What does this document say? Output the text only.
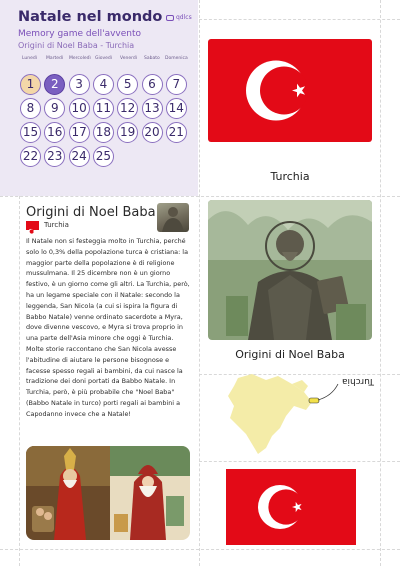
Natale nel mondo	qdlcs
Memory game dell'avvento
Origini di Noel Baba - Turchia
Lunedì Martedì Mercoledì Giovedì Venerdì Sabato Domenica
1	2	3	4	5	6	7
8	9	10 11 12 13 14
15 16 17 18 19 20 21
22 23 24 25
Origini di Noel Baba
Turchia
Il Natale non si festeggia molto in Turchia, perché solo lo 0,3% della popolazione turca è cristiana: la maggior parte della popolazione è di religione mussulmana. Il 25 dicembre non è un giorno festivo, è un giorno come gli altri. La Turchia, però, ha un legame speciale con il Natale: secondo la leggenda, San Nicola (a cui si ispira la figura di Babbo Natale) venne ordinato sacerdote a Myra, dove divenne vescovo, e Myra si trova proprio in una parte dell'Asia minore che oggi è Turchia. Molte storie raccontano che San Nicola avesse l'abitudine di aiutare le persone bisognose e facesse spesso regali ai bambini, da cui nasce la tradizione dei doni portati da Babbo Natale. In Turchia, però, è più probabile che "Noel Baba" (Babbo Natale in turco) porti regali ai bambini a Capodanno invece che a Natale!
Turchia
Origini di Noel Baba
Turchia
